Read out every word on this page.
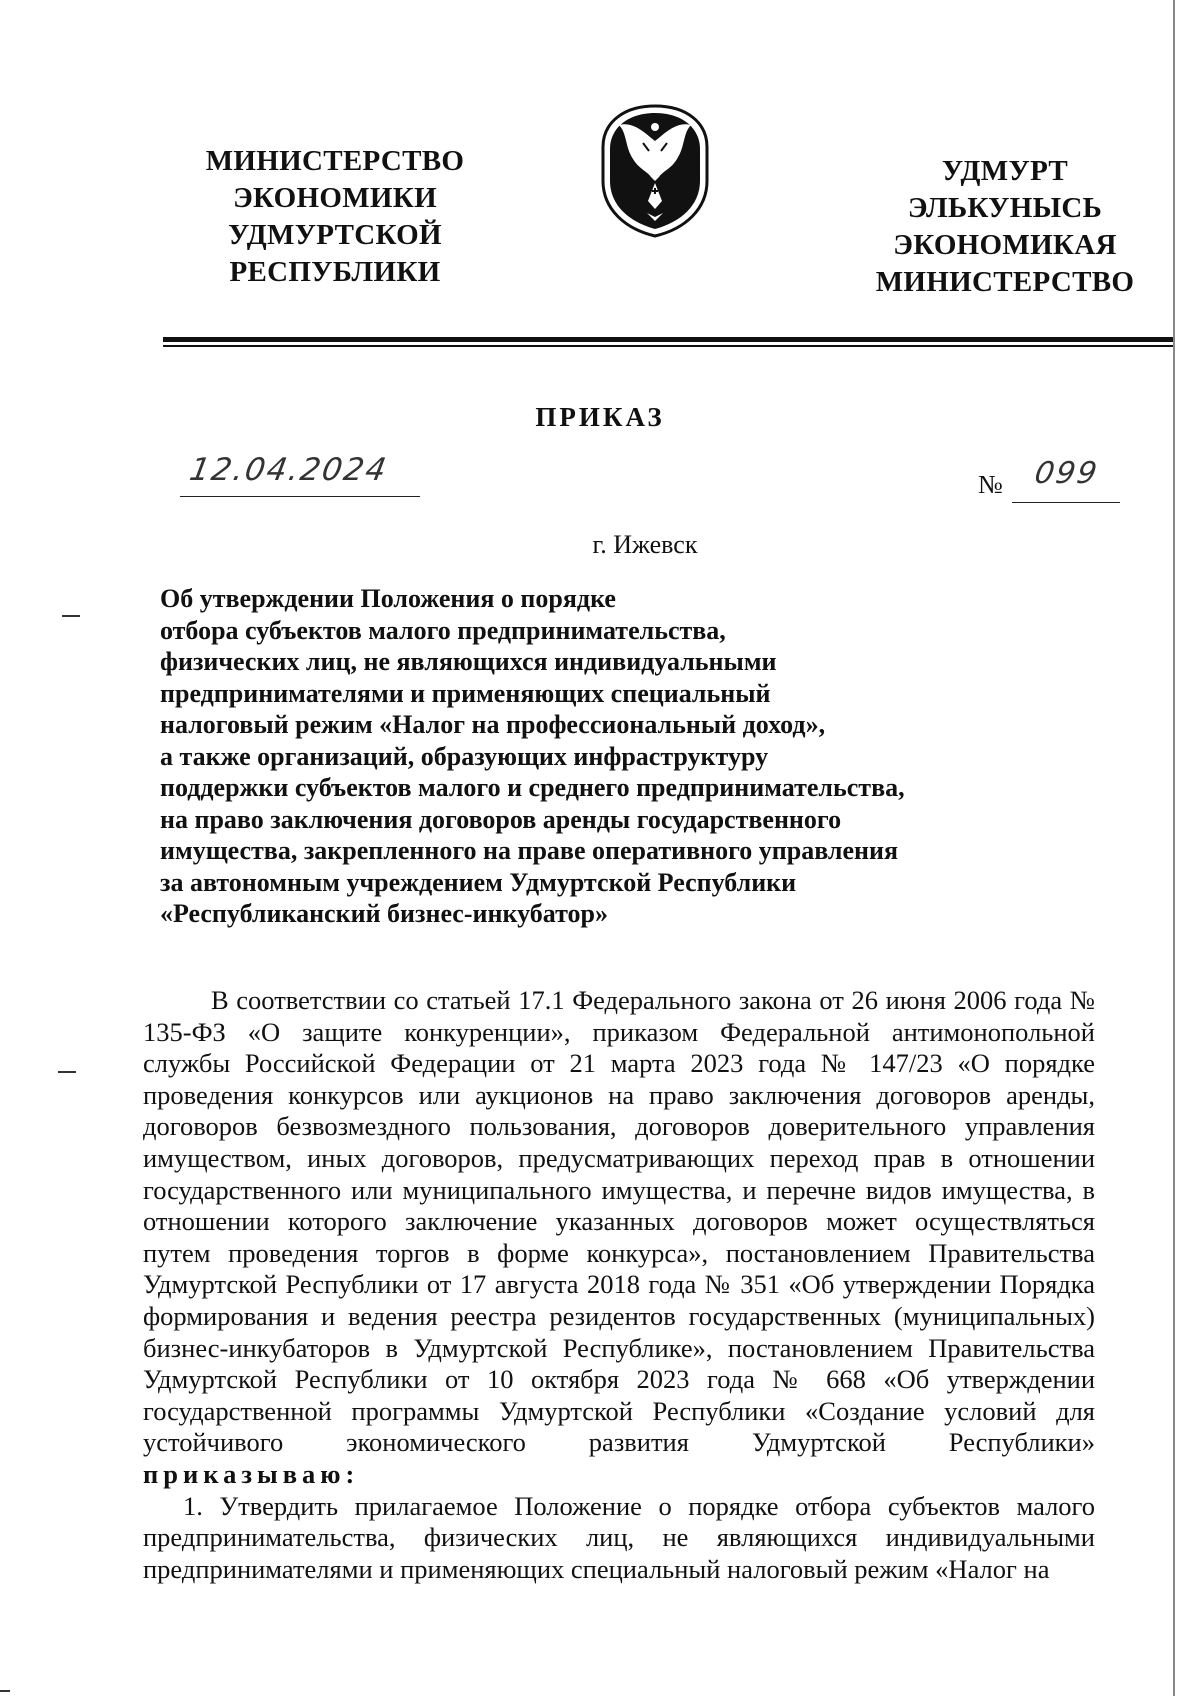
МИНИСТЕРСТВО
ЭКОНОМИКИ
УДМУРТСКОЙ
РЕСПУБЛИКИ
УДМУРТ
ЭЛЬКУНЫСЬ
ЭКОНОМИКАЯ
МИНИСТЕРСТВО
ПРИКАЗ
12.04.2024	№ 099
г. Ижевск
Об утверждении Положения о порядке
отбора субъектов малого предпринимательства,
физических лиц, не являющихся индивидуальными
предпринимателями и применяющих специальный
налоговый режим «Налог на профессиональный доход»,
а также организаций, образующих инфраструктуру
поддержки субъектов малого и среднего предпринимательства,
на право заключения договоров аренды государственного
имущества, закрепленного на праве оперативного управления
за автономным учреждением Удмуртской Республики
«Республиканский бизнес-инкубатор»

В соответствии со статьей 17.1 Федерального закона от 26 июня 2006 года № 135-ФЗ «О защите конкуренции», приказом Федеральной антимонопольной службы Российской Федерации от 21 марта 2023 года № 147/23 «О порядке проведения конкурсов или аукционов на право заключения договоров аренды, договоров безвозмездного пользования, договоров доверительного управления имуществом, иных договоров, предусматривающих переход прав в отношении государственного или муниципального имущества, и перечне видов имущества, в отношении которого заключение указанных договоров может осуществляться путем проведения торгов в форме конкурса», постановлением Правительства Удмуртской Республики от 17 августа 2018 года № 351 «Об утверждении Порядка формирования и ведения реестра резидентов государственных (муниципальных) бизнес-инкубаторов в Удмуртской Республике», постановлением Правительства Удмуртской Республики от 10 октября 2023 года № 668 «Об утверждении государственной программы Удмуртской Республики «Создание условий для устойчивого экономического развития Удмуртской Республики»

приказываю:

1. Утвердить прилагаемое Положение о порядке отбора субъектов малого предпринимательства, физических лиц, не являющихся индивидуальными предпринимателями и применяющих специальный налоговый режим «Налог на
